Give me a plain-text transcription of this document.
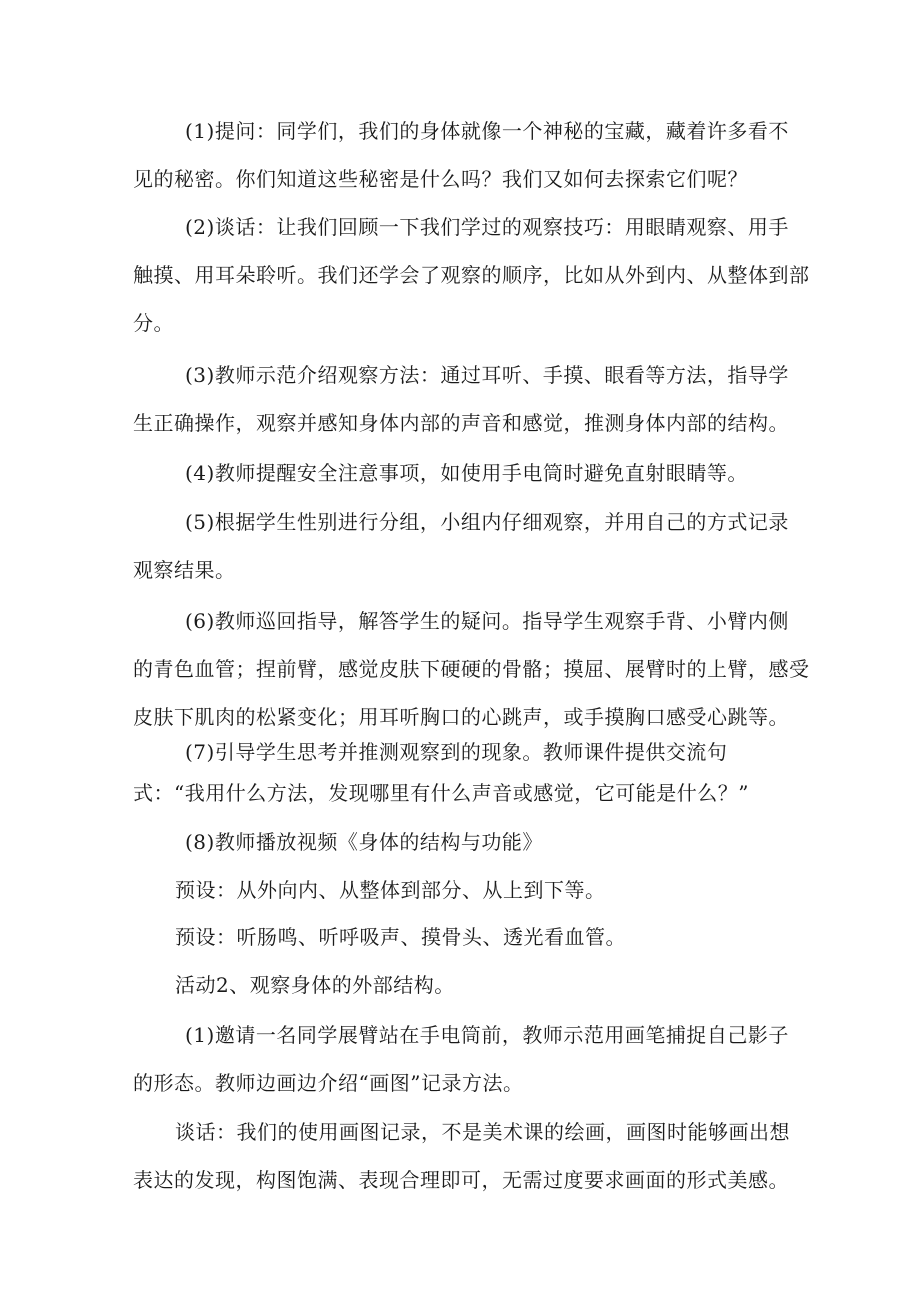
(1)提问：同学们，我们的身体就像一个神秘的宝藏，藏着许多看不

见的秘密。你们知道这些秘密是什么吗？我们又如何去探索它们呢？

(2)谈话：让我们回顾一下我们学过的观察技巧：用眼睛观察、用手

触摸、用耳朵聆听。我们还学会了观察的顺序，比如从外到内、从整体到部

分。

(3)教师示范介绍观察方法：通过耳听、手摸、眼看等方法，指导学

生正确操作，观察并感知身体内部的声音和感觉，推测身体内部的结构。

(4)教师提醒安全注意事项，如使用手电筒时避免直射眼睛等。

(5)根据学生性别进行分组，小组内仔细观察，并用自己的方式记录

观察结果。

(6)教师巡回指导，解答学生的疑问。指导学生观察手背、小臂内侧

的青色血管；捏前臂，感觉皮肤下硬硬的骨骼；摸屈、展臂时的上臂，感受

皮肤下肌肉的松紧变化；用耳听胸口的心跳声，或手摸胸口感受心跳等。

(7)引导学生思考并推测观察到的现象。教师课件提供交流句

式：“我用什么方法，发现哪里有什么声音或感觉，它可能是什么？”

(8)教师播放视频《身体的结构与功能》

预设：从外向内、从整体到部分、从上到下等。

预设：听肠鸣、听呼吸声、摸骨头、透光看血管。

活动2、观察身体的外部结构。

(1)邀请一名同学展臂站在手电筒前，教师示范用画笔捕捉自己影子

的形态。教师边画边介绍“画图”记录方法。

谈话：我们的使用画图记录，不是美术课的绘画，画图时能够画出想

表达的发现，构图饱满、表现合理即可，无需过度要求画面的形式美感。
